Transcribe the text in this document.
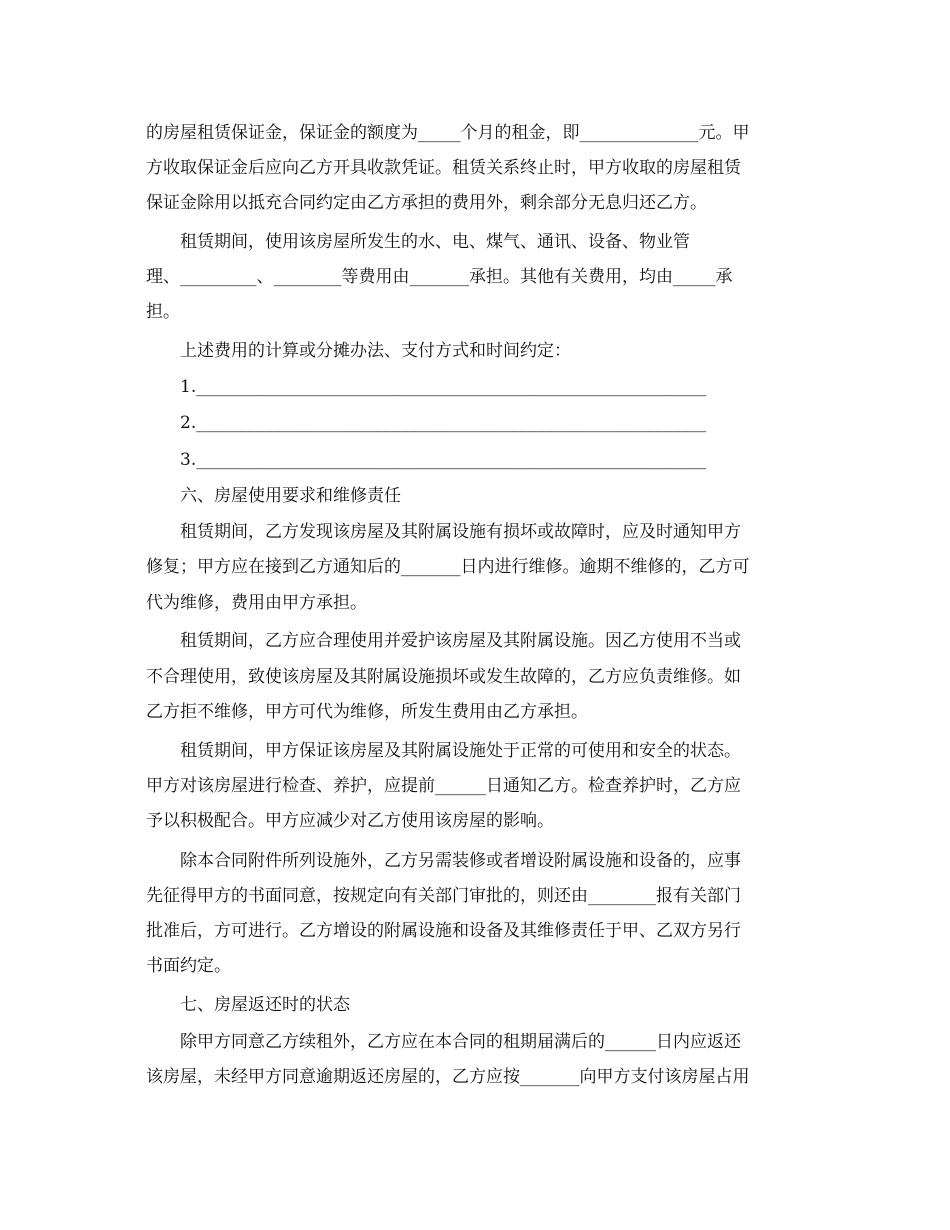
的房屋租赁保证金，保证金的额度为_____个月的租金，即______________元。甲
方收取保证金后应向乙方开具收款凭证。租赁关系终止时，甲方收取的房屋租赁
保证金除用以抵充合同约定由乙方承担的费用外，剩余部分无息归还乙方。
租赁期间，使用该房屋所发生的水、电、煤气、通讯、设备、物业管
理、_________、________等费用由_______承担。其他有关费用，均由_____承
担。
上述费用的计算或分摊办法、支付方式和时间约定：
1.____________________________________________________________
2.____________________________________________________________
3.____________________________________________________________
六、房屋使用要求和维修责任
租赁期间，乙方发现该房屋及其附属设施有损坏或故障时，应及时通知甲方
修复；甲方应在接到乙方通知后的_______日内进行维修。逾期不维修的，乙方可
代为维修，费用由甲方承担。
租赁期间，乙方应合理使用并爱护该房屋及其附属设施。因乙方使用不当或
不合理使用，致使该房屋及其附属设施损坏或发生故障的，乙方应负责维修。如
乙方拒不维修，甲方可代为维修，所发生费用由乙方承担。
租赁期间，甲方保证该房屋及其附属设施处于正常的可使用和安全的状态。
甲方对该房屋进行检查、养护，应提前______日通知乙方。检查养护时，乙方应
予以积极配合。甲方应减少对乙方使用该房屋的影响。
除本合同附件所列设施外，乙方另需装修或者增设附属设施和设备的，应事
先征得甲方的书面同意，按规定向有关部门审批的，则还由________报有关部门
批准后，方可进行。乙方增设的附属设施和设备及其维修责任于甲、乙双方另行
书面约定。
七、房屋返还时的状态
除甲方同意乙方续租外，乙方应在本合同的租期届满后的______日内应返还
该房屋，未经甲方同意逾期返还房屋的，乙方应按_______向甲方支付该房屋占用
